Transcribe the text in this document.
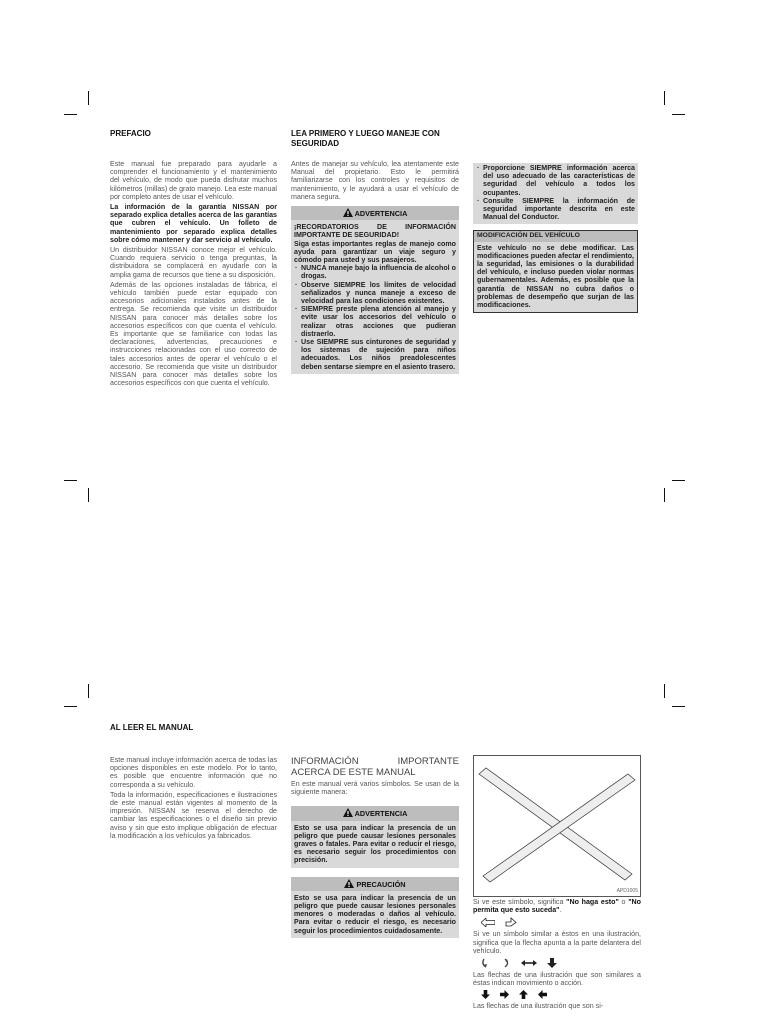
PREFACIO

Este manual fue preparado para ayudarle a comprender el funcionamiento y el mantenimiento del vehículo, de modo que pueda disfrutar muchos kilómetros (millas) de grato manejo. Lea este manual por completo antes de usar el vehículo.

La información de la garantía NISSAN por separado explica detalles acerca de las garantías que cubren el vehículo. Un folleto de mantenimiento por separado explica detalles sobre cómo mantener y dar servicio al vehículo.

Un distribuidor NISSAN conoce mejor el vehículo. Cuando requiera servicio o tenga preguntas, la distribuidora se complacerá en ayudarle con la amplia gama de recursos que tiene a su disposición.

Además de las opciones instaladas de fábrica, el vehículo también puede estar equipado con accesorios adicionales instalados antes de la entrega. Se recomienda que visite un distribuidor NISSAN para conocer más detalles sobre los accesorios específicos con que cuenta el vehículo. Es importante que se familiarice con todas las declaraciones, advertencias, precauciones e instrucciones relacionadas con el uso correcto de tales accesorios antes de operar el vehículo o el accesorio. Se recomienda que visite un distribuidor NISSAN para conocer más detalles sobre los accesorios específicos con que cuenta el vehículo.

LEA PRIMERO Y LUEGO MANEJE CON SEGURIDAD

Antes de manejar su vehículo, lea atentamente este Manual del propietario. Esto le permitirá familiarizarse con los controles y requisitos de mantenimiento, y le ayudará a usar el vehículo de manera segura.

ADVERTENCIA

¡RECORDATORIOS DE INFORMACIÓN IMPORTANTE DE SEGURIDAD!

Siga estas importantes reglas de manejo como ayuda para garantizar un viaje seguro y cómodo para usted y sus pasajeros.

· NUNCA maneje bajo la influencia de alcohol o drogas.
· Observe SIEMPRE los límites de velocidad señalizados y nunca maneje a exceso de velocidad para las condiciones existentes.
· SIEMPRE preste plena atención al manejo y evite usar los accesorios del vehículo o realizar otras acciones que pudieran distraerlo.
· Use SIEMPRE sus cinturones de seguridad y los sistemas de sujeción para niños adecuados. Los niños preadolescentes deben sentarse siempre en el asiento trasero.
· Proporcione SIEMPRE información acerca del uso adecuado de las características de seguridad del vehículo a todos los ocupantes.
· Consulte SIEMPRE la información de seguridad importante descrita en este Manual del Conductor.
MODIFICACIÓN DEL VEHÍCULO

Este vehículo no se debe modificar. Las modificaciones pueden afectar el rendimiento, la seguridad, las emisiones o la durabilidad del vehículo, e incluso pueden violar normas gubernamentales. Además, es posible que la garantía de NISSAN no cubra daños o problemas de desempeño que surjan de las modificaciones.

AL LEER EL MANUAL

Este manual incluye información acerca de todas las opciones disponibles en este modelo. Por lo tanto, es posible que encuentre información que no corresponda a su vehículo.

Toda la información, especificaciones e ilustraciones de este manual están vigentes al momento de la impresión. NISSAN se reserva el derecho de cambiar las especificaciones o el diseño sin previo aviso y sin que esto implique obligación de efectuar la modificación a los vehículos ya fabricados.

INFORMACIÓN IMPORTANTE ACERCA DE ESTE MANUAL

En este manual verá varios símbolos. Se usan de la siguiente manera:

ADVERTENCIA

Esto se usa para indicar la presencia de un peligro que puede causar lesiones personales graves o fatales. Para evitar o reducir el riesgo, es necesario seguir los procedimientos con precisión.

PRECAUCIÓN

Esto se usa para indicar la presencia de un peligro que puede causar lesiones personales menores o moderadas o daños al vehículo. Para evitar o reducir el riesgo, es necesario seguir los procedimientos cuidadosamente.

APD1005

Si ve este símbolo, significa "No haga esto" o "No permita que esto suceda".

Si ve un símbolo similar a éstos en una ilustración, significa que la flecha apunta a la parte delantera del vehículo.

Las flechas de una ilustración que son similares a éstas indican movimiento o acción.

Las flechas de una ilustración que son si-
